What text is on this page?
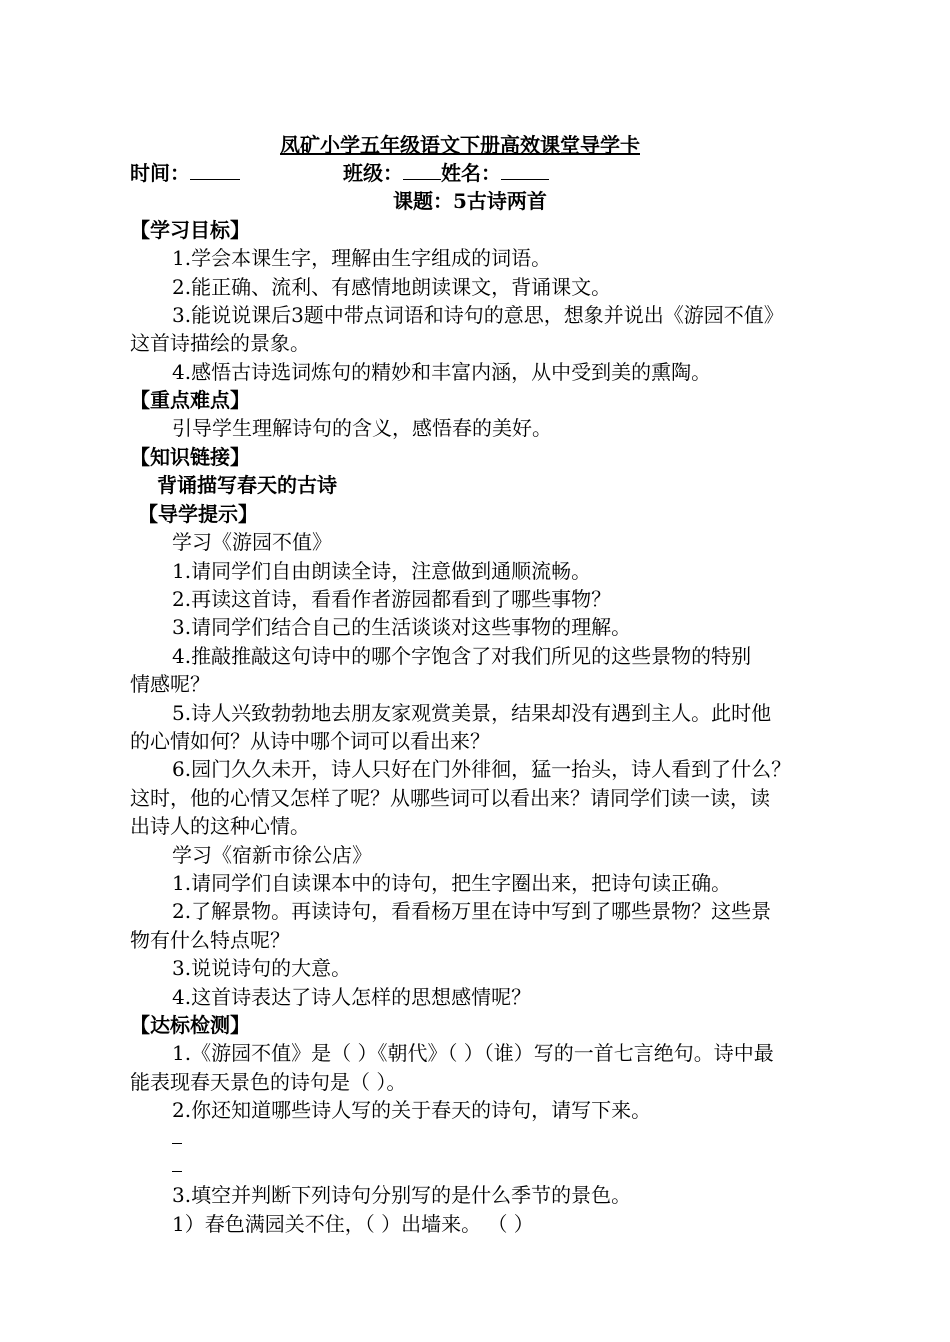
凤矿小学五年级语文下册高效课堂导学卡
时间：	班级： 姓名：
课题：5古诗两首
【学习目标】
1.学会本课生字，理解由生字组成的词语。
2.能正确、流利、有感情地朗读课文，背诵课文。
3.能说说课后3题中带点词语和诗句的意思，想象并说出《游园不值》
这首诗描绘的景象。
4.感悟古诗选词炼句的精妙和丰富内涵，从中受到美的熏陶。
【重点难点】
引导学生理解诗句的含义，感悟春的美好。
【知识链接】
背诵描写春天的古诗
【导学提示】
学习《游园不值》
1.请同学们自由朗读全诗，注意做到通顺流畅。
2.再读这首诗，看看作者游园都看到了哪些事物？
3.请同学们结合自己的生活谈谈对这些事物的理解。
4.推敲推敲这句诗中的哪个字饱含了对我们所见的这些景物的特别
情感呢？
5.诗人兴致勃勃地去朋友家观赏美景，结果却没有遇到主人。此时他
的心情如何？从诗中哪个词可以看出来？
6.园门久久未开，诗人只好在门外徘徊，猛一抬头，诗人看到了什么？
这时，他的心情又怎样了呢？从哪些词可以看出来？请同学们读一读，读
出诗人的这种心情。
学习《宿新市徐公店》
1.请同学们自读课本中的诗句，把生字圈出来，把诗句读正确。
2.了解景物。再读诗句，看看杨万里在诗中写到了哪些景物？这些景
物有什么特点呢？
3.说说诗句的大意。
4.这首诗表达了诗人怎样的思想感情呢？
【达标检测】
1.《游园不值》是（ ）《朝代》（ ）（谁）写的一首七言绝句。诗中最
能表现春天景色的诗句是（ ）。
2.你还知道哪些诗人写的关于春天的诗句，请写下来。
3.填空并判断下列诗句分别写的是什么季节的景色。
1）春色满园关不住，（ ）出墙来。 （ ）
